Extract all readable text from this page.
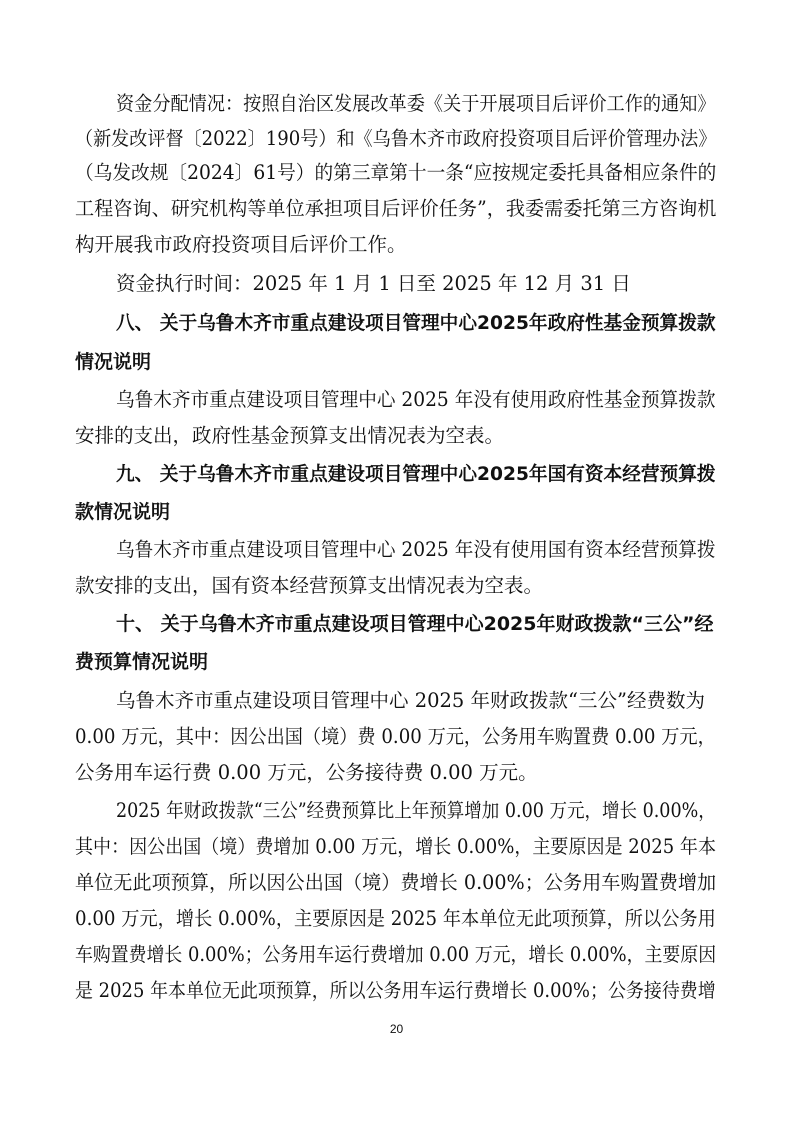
资金分配情况：按照自治区发展改革委《关于开展项目后评价工作的通知》
（新发改评督〔2022〕190号）和《乌鲁木齐市政府投资项目后评价管理办法》
（乌发改规〔2024〕61号）的第三章第十一条“应按规定委托具备相应条件的
工程咨询、研究机构等单位承担项目后评价任务”，我委需委托第三方咨询机
构开展我市政府投资项目后评价工作。
资金执行时间：2025 年 1 月 1 日至 2025 年 12 月 31 日
八、 关于乌鲁木齐市重点建设项目管理中心2025年政府性基金预算拨款
情况说明
乌鲁木齐市重点建设项目管理中心 2025 年没有使用政府性基金预算拨款
安排的支出，政府性基金预算支出情况表为空表。
九、 关于乌鲁木齐市重点建设项目管理中心2025年国有资本经营预算拨
款情况说明
乌鲁木齐市重点建设项目管理中心 2025 年没有使用国有资本经营预算拨
款安排的支出，国有资本经营预算支出情况表为空表。
十、 关于乌鲁木齐市重点建设项目管理中心2025年财政拨款“三公”经
费预算情况说明
乌鲁木齐市重点建设项目管理中心 2025 年财政拨款“三公”经费数为
0.00 万元，其中：因公出国（境）费 0.00 万元，公务用车购置费 0.00 万元，
公务用车运行费 0.00 万元，公务接待费 0.00 万元。
2025 年财政拨款“三公”经费预算比上年预算增加 0.00 万元，增长 0.00%，
其中：因公出国（境）费增加 0.00 万元，增长 0.00%，主要原因是 2025 年本
单位无此项预算，所以因公出国（境）费增长 0.00%；公务用车购置费增加
0.00 万元，增长 0.00%，主要原因是 2025 年本单位无此项预算，所以公务用
车购置费增长 0.00%；公务用车运行费增加 0.00 万元，增长 0.00%，主要原因
是 2025 年本单位无此项预算，所以公务用车运行费增长 0.00%；公务接待费增
20
